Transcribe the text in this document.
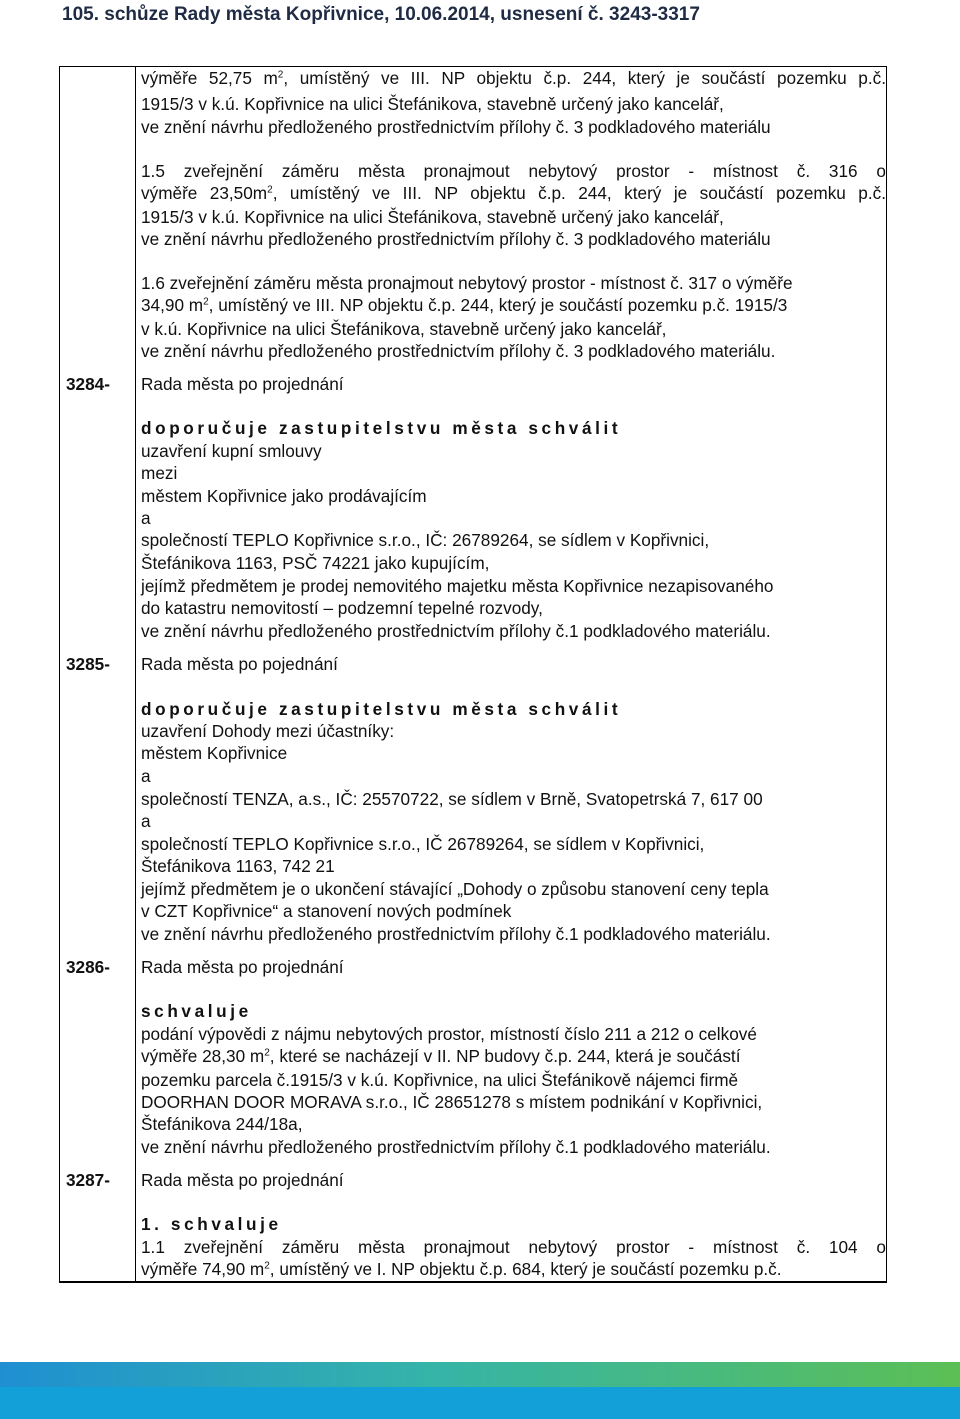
105. schůze Rady města Kopřivnice, 10.06.2014, usnesení č. 3243-3317
výměře 52,75 $m^2$, umístěný ve III. NP objektu č.p. 244, který je součástí pozemku p.č.
1915/3 v k.ú. Kopřivnice na ulici Štefánikova, stavebně určený jako kancelář,
ve znění návrhu předloženého prostřednictvím přílohy č. 3 podkladového materiálu
1.5 zveřejnění záměru města pronajmout nebytový prostor - místnost č. 316 o
výměře $23,50m^2$, umístěný ve III. NP objektu č.p. 244, který je součástí pozemku p.č.
1915/3 v k.ú. Kopřivnice na ulici Štefánikova, stavebně určený jako kancelář,
ve znění návrhu předloženého prostřednictvím přílohy č. 3 podkladového materiálu
1.6 zveřejnění záměru města pronajmout nebytový prostor - místnost č. 317 o výměře
34,90 $m^2$, umístěný ve III. NP objektu č.p. 244, který je součástí pozemku p.č. 1915/3
v k.ú. Kopřivnice na ulici Štefánikova, stavebně určený jako kancelář,
ve znění návrhu předloženého prostřednictvím přílohy č. 3 podkladového materiálu.
3284- Rada města po projednání
doporučuje zastupitelstvu města schválit
uzavření kupní smlouvy
mezi
městem Kopřivnice jako prodávajícím
a
společností TEPLO Kopřivnice s.r.o., IČ: 26789264, se sídlem v Kopřivnici,
Štefánikova 1163, PSČ 74221 jako kupujícím,
jejímž předmětem je prodej nemovitého majetku města Kopřivnice nezapisovaného
do katastru nemovitostí – podzemní tepelné rozvody,
ve znění návrhu předloženého prostřednictvím přílohy č.1 podkladového materiálu.
3285- Rada města po pojednání
doporučuje zastupitelstvu města schválit
uzavření Dohody mezi účastníky:
městem Kopřivnice
a
společností TENZA, a.s., IČ: 25570722, se sídlem v Brně, Svatopetrská 7, 617 00
a
společností TEPLO Kopřivnice s.r.o., IČ 26789264, se sídlem v Kopřivnici,
Štefánikova 1163, 742 21
jejímž předmětem je o ukončení stávající „Dohody o způsobu stanovení ceny tepla
v CZT Kopřivnice“ a stanovení nových podmínek
ve znění návrhu předloženého prostřednictvím přílohy č.1 podkladového materiálu.
3286- Rada města po projednání
schvaluje
podání výpovědi z nájmu nebytových prostor, místností číslo 211 a 212 o celkové
výměře 28,30 $m^2$, které se nacházejí v II. NP budovy č.p. 244, která je součástí
pozemku parcela č.1915/3 v k.ú. Kopřivnice, na ulici Štefánikově nájemci firmě
DOORHAN DOOR MORAVA s.r.o., IČ 28651278 s místem podnikání v Kopřivnici,
Štefánikova 244/18a,
ve znění návrhu předloženého prostřednictvím přílohy č.1 podkladového materiálu.
3287- Rada města po projednání
1. schvaluje
1.1 zveřejnění záměru města pronajmout nebytový prostor - místnost č. 104 o
výměře 74,90 $m^2$, umístěný ve I. NP objektu č.p. 684, který je součástí pozemku p.č.
